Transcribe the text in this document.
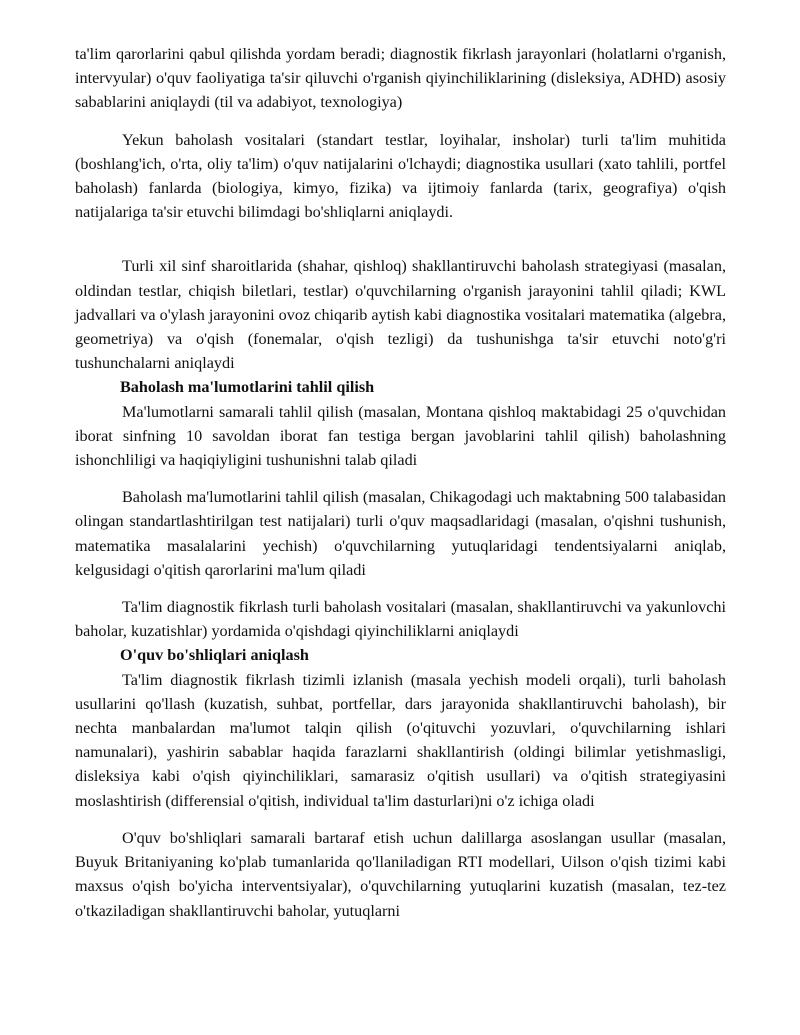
ta'lim qarorlarini qabul qilishda yordam beradi; diagnostik fikrlash jarayonlari (holatlarni o'rganish, intervyular) o'quv faoliyatiga ta'sir qiluvchi o'rganish qiyinchiliklarining (disleksiya, ADHD) asosiy sabablarini aniqlaydi (til va adabiyot, texnologiya)

Yekun baholash vositalari (standart testlar, loyihalar, insholar) turli ta'lim muhitida (boshlang'ich, o'rta, oliy ta'lim) o'quv natijalarini o'lchaydi; diagnostika usullari (xato tahlili, portfel baholash) fanlarda (biologiya, kimyo, fizika) va ijtimoiy fanlarda (tarix, geografiya) o'qish natijalariga ta'sir etuvchi bilimdagi bo'shliqlarni aniqlaydi.

Turli xil sinf sharoitlarida (shahar, qishloq) shakllantiruvchi baholash strategiyasi (masalan, oldindan testlar, chiqish biletlari, testlar) o'quvchilarning o'rganish jarayonini tahlil qiladi; KWL jadvallari va o'ylash jarayonini ovoz chiqarib aytish kabi diagnostika vositalari matematika (algebra, geometriya) va o'qish (fonemalar, o'qish tezligi) da tushunishga ta'sir etuvchi noto'g'ri tushunchalarni aniqlaydi

Baholash ma'lumotlarini tahlil qilish

Ma'lumotlarni samarali tahlil qilish (masalan, Montana qishloq maktabidagi 25 o'quvchidan iborat sinfning 10 savoldan iborat fan testiga bergan javoblarini tahlil qilish) baholashning ishonchliligi va haqiqiyligini tushunishni talab qiladi

Baholash ma'lumotlarini tahlil qilish (masalan, Chikagodagi uch maktabning 500 talabasidan olingan standartlashtirilgan test natijalari) turli o'quv maqsadlaridagi (masalan, o'qishni tushunish, matematika masalalarini yechish) o'quvchilarning yutuqlaridagi tendentsiyalarni aniqlab, kelgusidagi o'qitish qarorlarini ma'lum qiladi

Ta'lim diagnostik fikrlash turli baholash vositalari (masalan, shakllantiruvchi va yakunlovchi baholar, kuzatishlar) yordamida o'qishdagi qiyinchiliklarni aniqlaydi

O'quv bo'shliqlari aniqlash

Ta'lim diagnostik fikrlash tizimli izlanish (masala yechish modeli orqali), turli baholash usullarini qo'llash (kuzatish, suhbat, portfellar, dars jarayonida shakllantiruvchi baholash), bir nechta manbalardan ma'lumot talqin qilish (o'qituvchi yozuvlari, o'quvchilarning ishlari namunalari), yashirin sabablar haqida farazlarni shakllantirish (oldingi bilimlar yetishmasligi, disleksiya kabi o'qish qiyinchiliklari, samarasiz o'qitish usullari) va o'qitish strategiyasini moslashtirish (differensial o'qitish, individual ta'lim dasturlari)ni o'z ichiga oladi

O'quv bo'shliqlari samarali bartaraf etish uchun dalillarga asoslangan usullar (masalan, Buyuk Britaniyaning ko'plab tumanlarida qo'llaniladigan RTI modellari, Uilson o'qish tizimi kabi maxsus o'qish bo'yicha interventsiyalar), o'quvchilarning yutuqlarini kuzatish (masalan, tez-tez o'tkaziladigan shakllantiruvchi baholar, yutuqlarni
